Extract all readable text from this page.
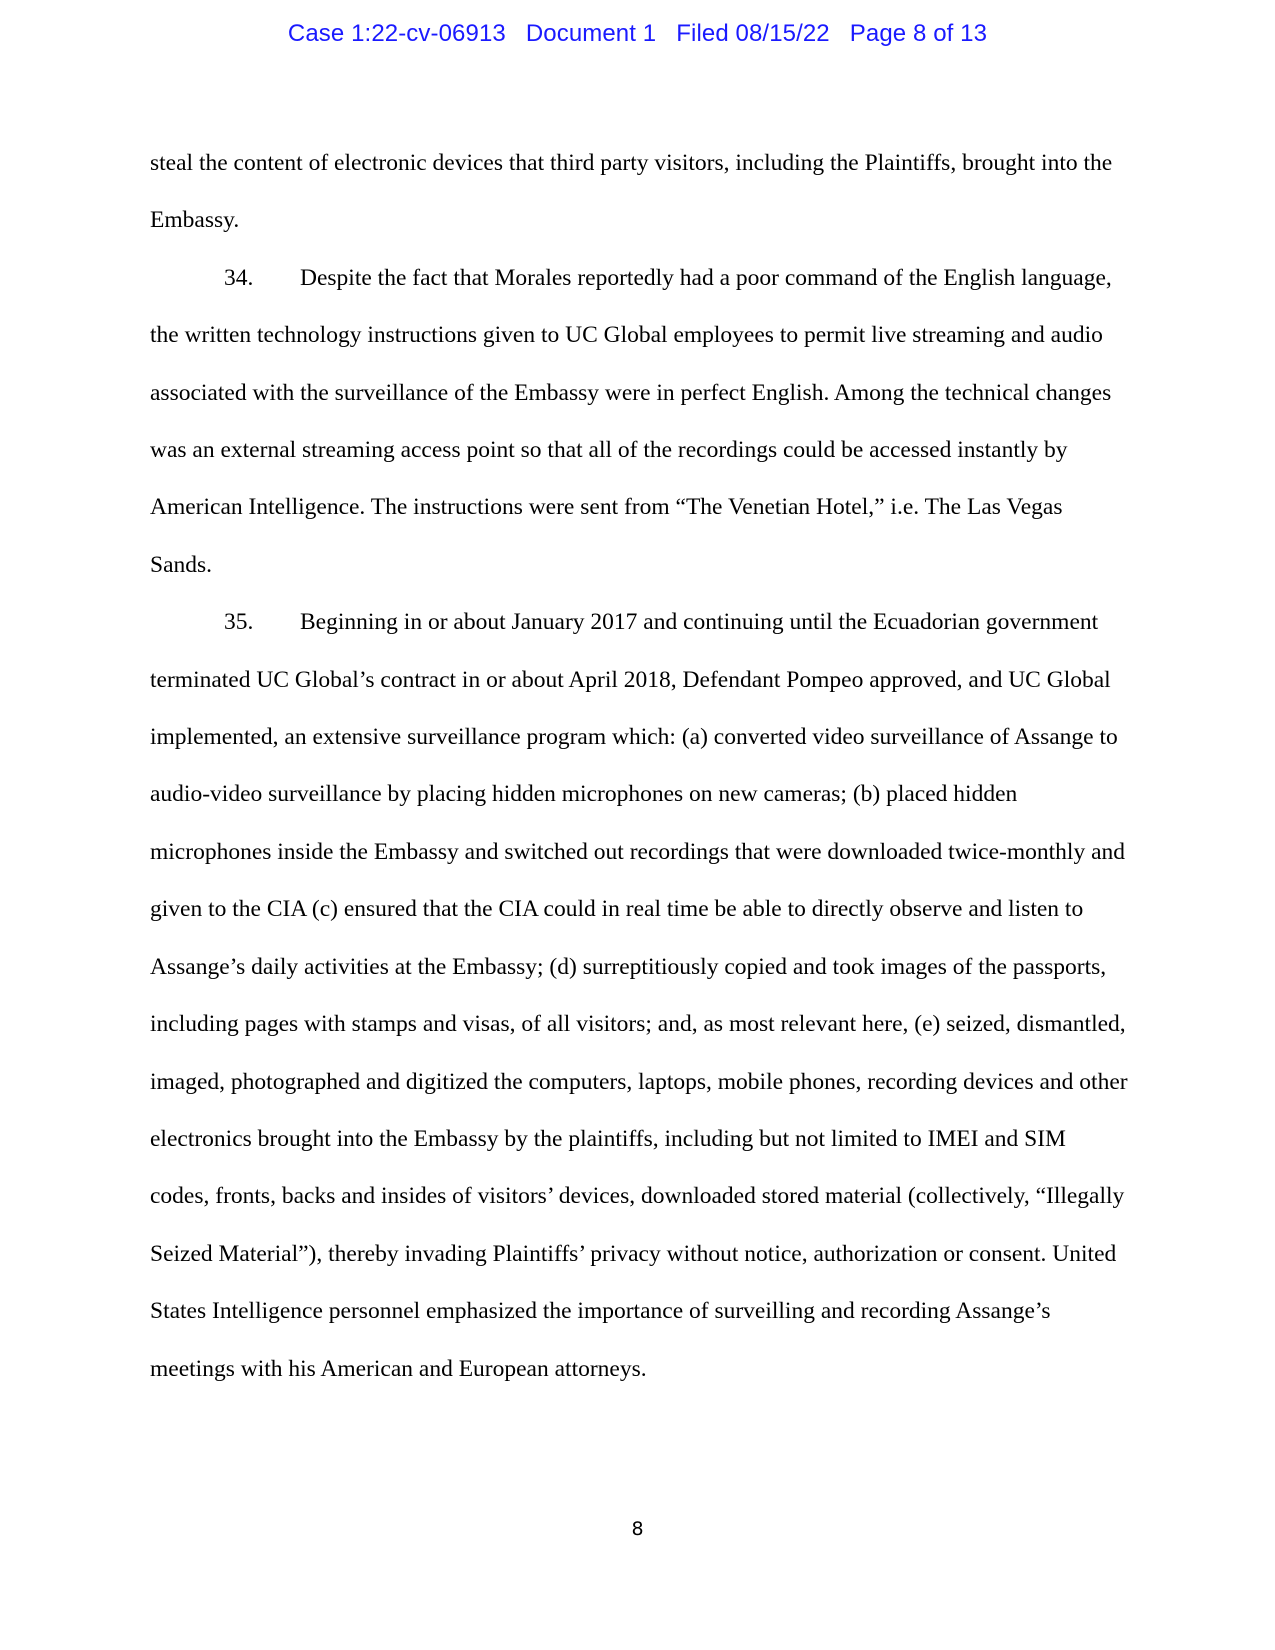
Case 1:22-cv-06913 Document 1 Filed 08/15/22 Page 8 of 13

steal the content of electronic devices that third party visitors, including the Plaintiffs, brought into the Embassy.

34. Despite the fact that Morales reportedly had a poor command of the English language, the written technology instructions given to UC Global employees to permit live streaming and audio associated with the surveillance of the Embassy were in perfect English. Among the technical changes was an external streaming access point so that all of the recordings could be accessed instantly by American Intelligence. The instructions were sent from “The Venetian Hotel,” i.e. The Las Vegas Sands.

35. Beginning in or about January 2017 and continuing until the Ecuadorian government terminated UC Global’s contract in or about April 2018, Defendant Pompeo approved, and UC Global implemented, an extensive surveillance program which: (a) converted video surveillance of Assange to audio-video surveillance by placing hidden microphones on new cameras; (b) placed hidden microphones inside the Embassy and switched out recordings that were downloaded twice-monthly and given to the CIA (c) ensured that the CIA could in real time be able to directly observe and listen to Assange’s daily activities at the Embassy; (d) surreptitiously copied and took images of the passports, including pages with stamps and visas, of all visitors; and, as most relevant here, (e) seized, dismantled, imaged, photographed and digitized the computers, laptops, mobile phones, recording devices and other electronics brought into the Embassy by the plaintiffs, including but not limited to IMEI and SIM codes, fronts, backs and insides of visitors’ devices, downloaded stored material (collectively, “Illegally Seized Material”), thereby invading Plaintiffs’ privacy without notice, authorization or consent. United States Intelligence personnel emphasized the importance of surveilling and recording Assange’s meetings with his American and European attorneys.

8
